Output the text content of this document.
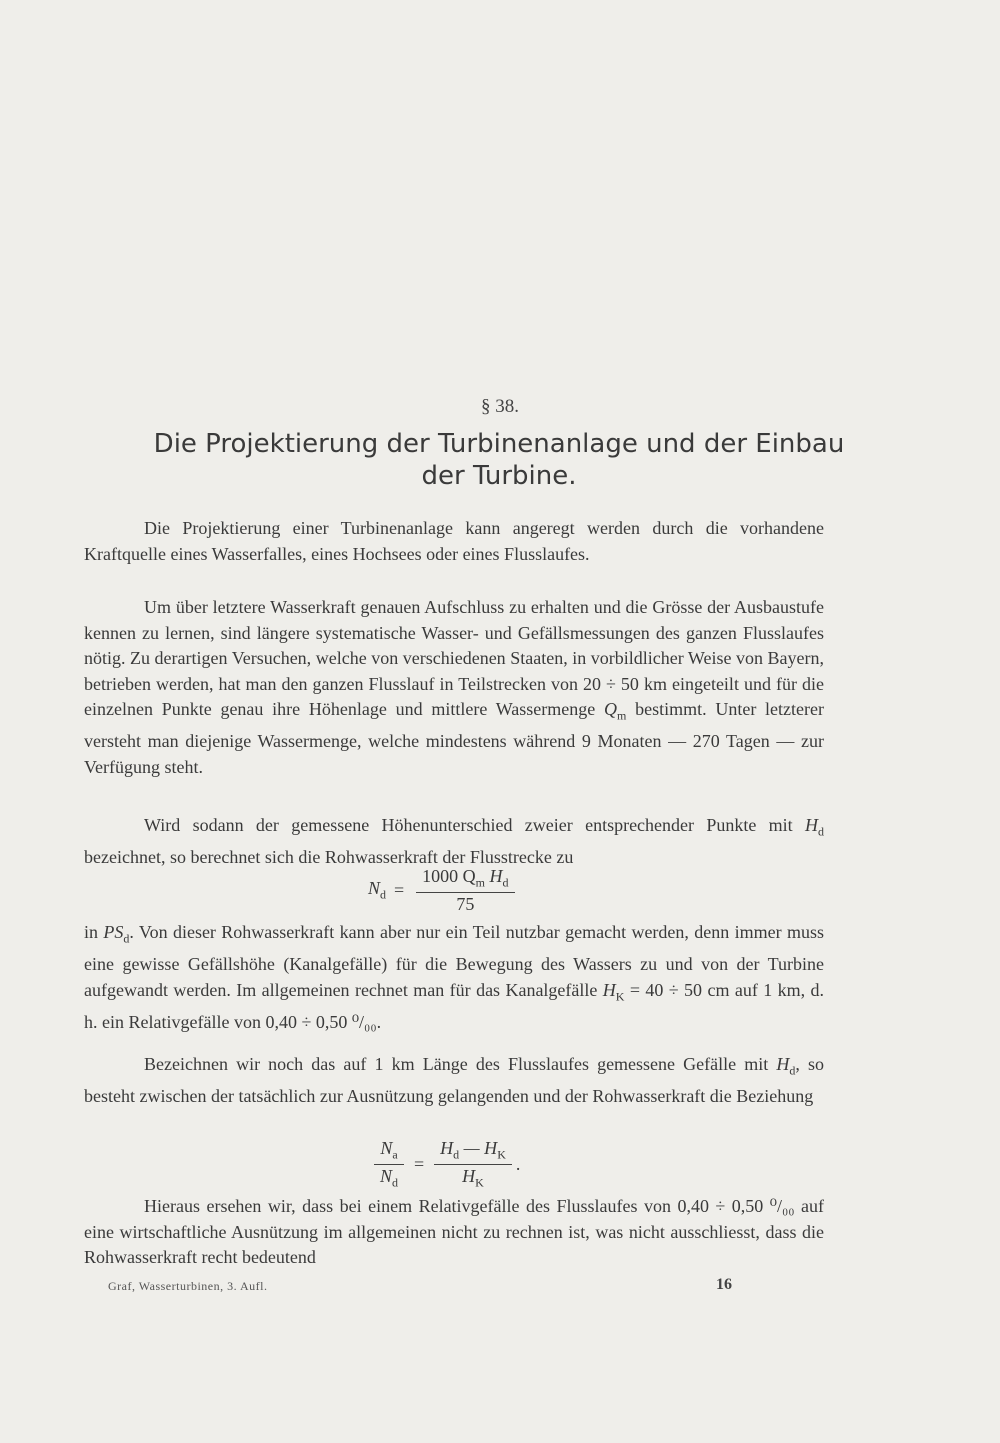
§ 38.
Die Projektierung der Turbinenanlage und der Einbau
der Turbine.

Die Projektierung einer Turbinenanlage kann angeregt werden durch die vorhandene Kraftquelle eines Wasserfalles, eines Hochsees oder eines Flusslaufes.

Um über letztere Wasserkraft genauen Aufschluss zu erhalten und die Grösse der Ausbaustufe kennen zu lernen, sind längere systematische Wasser- und Gefällsmessungen des ganzen Flusslaufes nötig. Zu derartigen Versuchen, welche von verschiedenen Staaten, in vorbildlicher Weise von Bayern, betrieben werden, hat man den ganzen Flusslauf in Teilstrecken von 20 ÷ 50 km eingeteilt und für die einzelnen Punkte genau ihre Höhenlage und mittlere Wassermenge $Q_m$ bestimmt. Unter letzterer versteht man diejenige Wassermenge, welche mindestens während 9 Monaten — 270 Tagen — zur Verfügung steht.

Wird sodann der gemessene Höhenunterschied zweier entsprechender Punkte mit $H_d$ bezeichnet, so berechnet sich die Rohwasserkraft der Flusstrecke zu

$N_d = \frac{1000 Q_m H_d}{75}$

in $PS_d$. Von dieser Rohwasserkraft kann aber nur ein Teil nutzbar gemacht werden, denn immer muss eine gewisse Gefällshöhe (Kanalgefälle) für die Bewegung des Wassers zu und von der Turbine aufgewandt werden. Im allgemeinen rechnet man für das Kanalgefälle $H_K = 40 \div 50$ cm auf 1 km, d. h. ein Relativgefälle von 0,40 ÷ 0,50 ⁰/₀₀.

Bezeichnen wir noch das auf 1 km Länge des Flusslaufes gemessene Gefälle mit $H_d$, so besteht zwischen der tatsächlich zur Ausnützung gelangenden und der Rohwasserkraft die Beziehung

$\frac{N_a}{N_d} = \frac{H_d — H_K}{H_K}$ .

Hieraus ersehen wir, dass bei einem Relativgefälle des Flusslaufes von 0,40 ÷ 0,50 ⁰/₀₀ auf eine wirtschaftliche Ausnützung im allgemeinen nicht zu rechnen ist, was nicht ausschliesst, dass die Rohwasserkraft recht bedeutend

Graf, Wasserturbinen, 3. Aufl.	16
